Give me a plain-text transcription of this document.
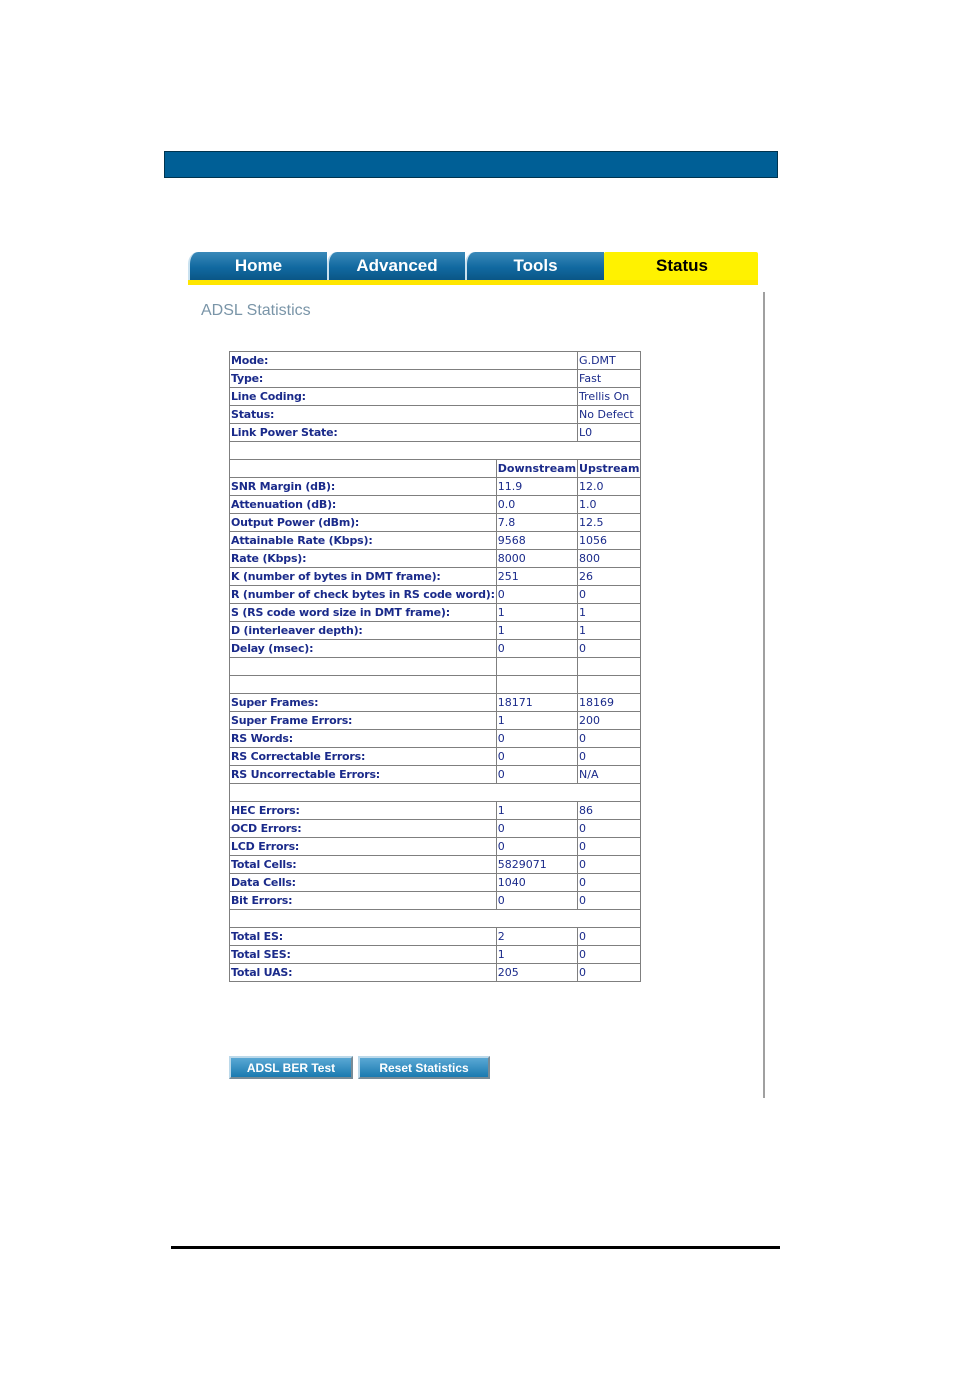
Home	Advanced	Tools	Status
ADSL Statistics
Mode:		G.DMT
Type:		Fast
Line Coding:		Trellis On
Status:		No Defect
Link Power State:		L0

	Downstream	Upstream
SNR Margin (dB):	11.9	12.0
Attenuation (dB):	0.0	1.0
Output Power (dBm):	7.8	12.5
Attainable Rate (Kbps):	9568	1056
Rate (Kbps):	8000	800
K (number of bytes in DMT frame):	251	26
R (number of check bytes in RS code word):	0	0
S (RS code word size in DMT frame):	1	1
D (interleaver depth):	1	1
Delay (msec):	0	0

Super Frames:	18171	18169
Super Frame Errors:	1	200
RS Words:	0	0
RS Correctable Errors:	0	0
RS Uncorrectable Errors:	0	N/A

HEC Errors:	1	86
OCD Errors:	0	0
LCD Errors:	0	0
Total Cells:	5829071	0
Data Cells:	1040	0
Bit Errors:	0	0

Total ES:	2	0
Total SES:	1	0
Total UAS:	205	0
ADSL BER Test	Reset Statistics
